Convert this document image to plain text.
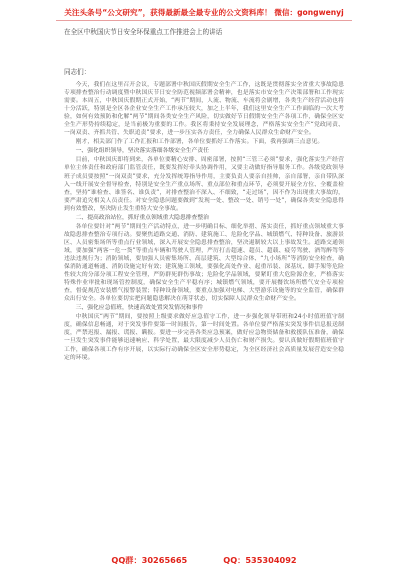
关注头条号“公文研究”，获得最新最全最专业的公文资料库！ 微信：gongwenyj
在全区中秋国庆节日安全环保重点工作推进会上的讲话
同志们：

今天，我们在这里召开会议，专题部署中秋国庆假期安全生产工作，这既是贯彻落实全省重大事故隐患专项排查整治行动调度暨中秋国庆节日安全防范视频部署会精神，也是落实市安全生产决策部署和工作现实需要。本周五，中秋国庆假期正式开始，“两节”期间，人流、物流、车流将会剧增，各类生产经营活动也将十分活跃，特别是全区各企业安全生产工作承压较大，加之上半年，我们这里安全生产工作面临的一次大考验，如何有效预防和化解“两节”期间各类安全生产风险，切实做好节日假期安全生产各项工作，确保全区安全生产形势持续稳定，是当前极为重要的工作。我区将秉持安全发展理念，严格落实安全生产“党政同责、一岗双责、齐抓共管、失职追责”要求，进一步压实各方责任，全力确保人民群众生命财产安全。

刚才，相关部门作了工作汇报和工作部署，各单位要抓好工作落实。下面，我再强调三点意见。

一、强化组织领导，坚决落实落细各级安全生产责任

目前，中秋国庆即将到来，各单位要精心安排、周密部署，按照“三管三必须”要求，强化落实生产经营单位主体责任和政府部门监管责任，既要发挥好牵头协调作用，又要主动做好指导服务工作。各级党政领导班子成员要按照“一岗双责”要求，充分发挥统筹指导作用，主要负责人要亲自挂帅，亲自部署，亲自带队深入一线开展安全督导检查，特别是安全生产重点场所、重点部位和重点环节，必须要开展全方位、全覆盖检查，坚持“谁检查、谁签名、谁负责”，对排查整治不深入、不细致，“走过场”，因不作为出现重大事故的，要严肃追究相关人员责任。对安全隐患问题要做到“发现一处、整改一处、销号一处”，确保各类安全隐患得到有效整改，坚决防止发生重特大安全事故。

二、提高政治站位，抓好重点领域重大隐患排查整治

各单位要针对“两节”期间生产活动特点，进一步明确目标、细化举措、落实责任，抓好重点领域重大事故隐患排查整治专项行动。要聚焦道路交通、消防、建筑施工、危险化学品、城镇燃气、特种设备、旅游景区、人员密集场所等重点行业领域，深入开展安全隐患排查整治，坚决遏制较大以上事故发生。道路交通领域，要加强“两客一危一货”等重点车辆和驾驶人管理，严厉打击超速、超员、超载、疲劳驾驶、酒驾醉驾等违法违规行为；消防领域，要加强人员密集场所、高层建筑、大型综合体、“九小场所”等消防安全检查，确保消防通道畅通、消防设施完好有效；建筑施工领域，要强化高处作业、起重吊装、深基坑、脚手架等危险性较大的分部分项工程安全管理，严防群死群伤事故；危险化学品领域，要紧盯重大危险源企业，严格落实特殊作业审批和现场管控制度，确保安全生产平稳有序；城镇燃气领域，要开展餐饮场所燃气安全专项检查，督促规范安装燃气报警装置；特种设备领域，要重点加强对电梯、大型游乐设施等的安全监管，确保群众出行安全。各单位要切实把问题隐患解决在萌芽状态，切实保障人民群众生命财产安全。

三、强化应急值班，快速高效处置突发情况和事件

中秋国庆“两节”期间，要按照上级要求做好应急值守工作，进一步强化领导带班和24小时值班值守制度，确保信息畅通，对于突发事件要第一时间报告，第一时间处置。各单位要严格落实突发事件信息报送制度，严禁迟报、漏报、谎报、瞒报。要进一步完善各类应急预案，做好应急物资储备和救援队伍准备，确保一旦发生突发事件能够迅速响应、科学处置，最大限度减少人员伤亡和财产损失。要认真做好假期值班值守工作，确保各项工作有序开展，以实际行动确保全区安全形势稳定，为全区经济社会高质量发展营造安全稳定的环境。

QQ群：30265665	QQ：535304092
